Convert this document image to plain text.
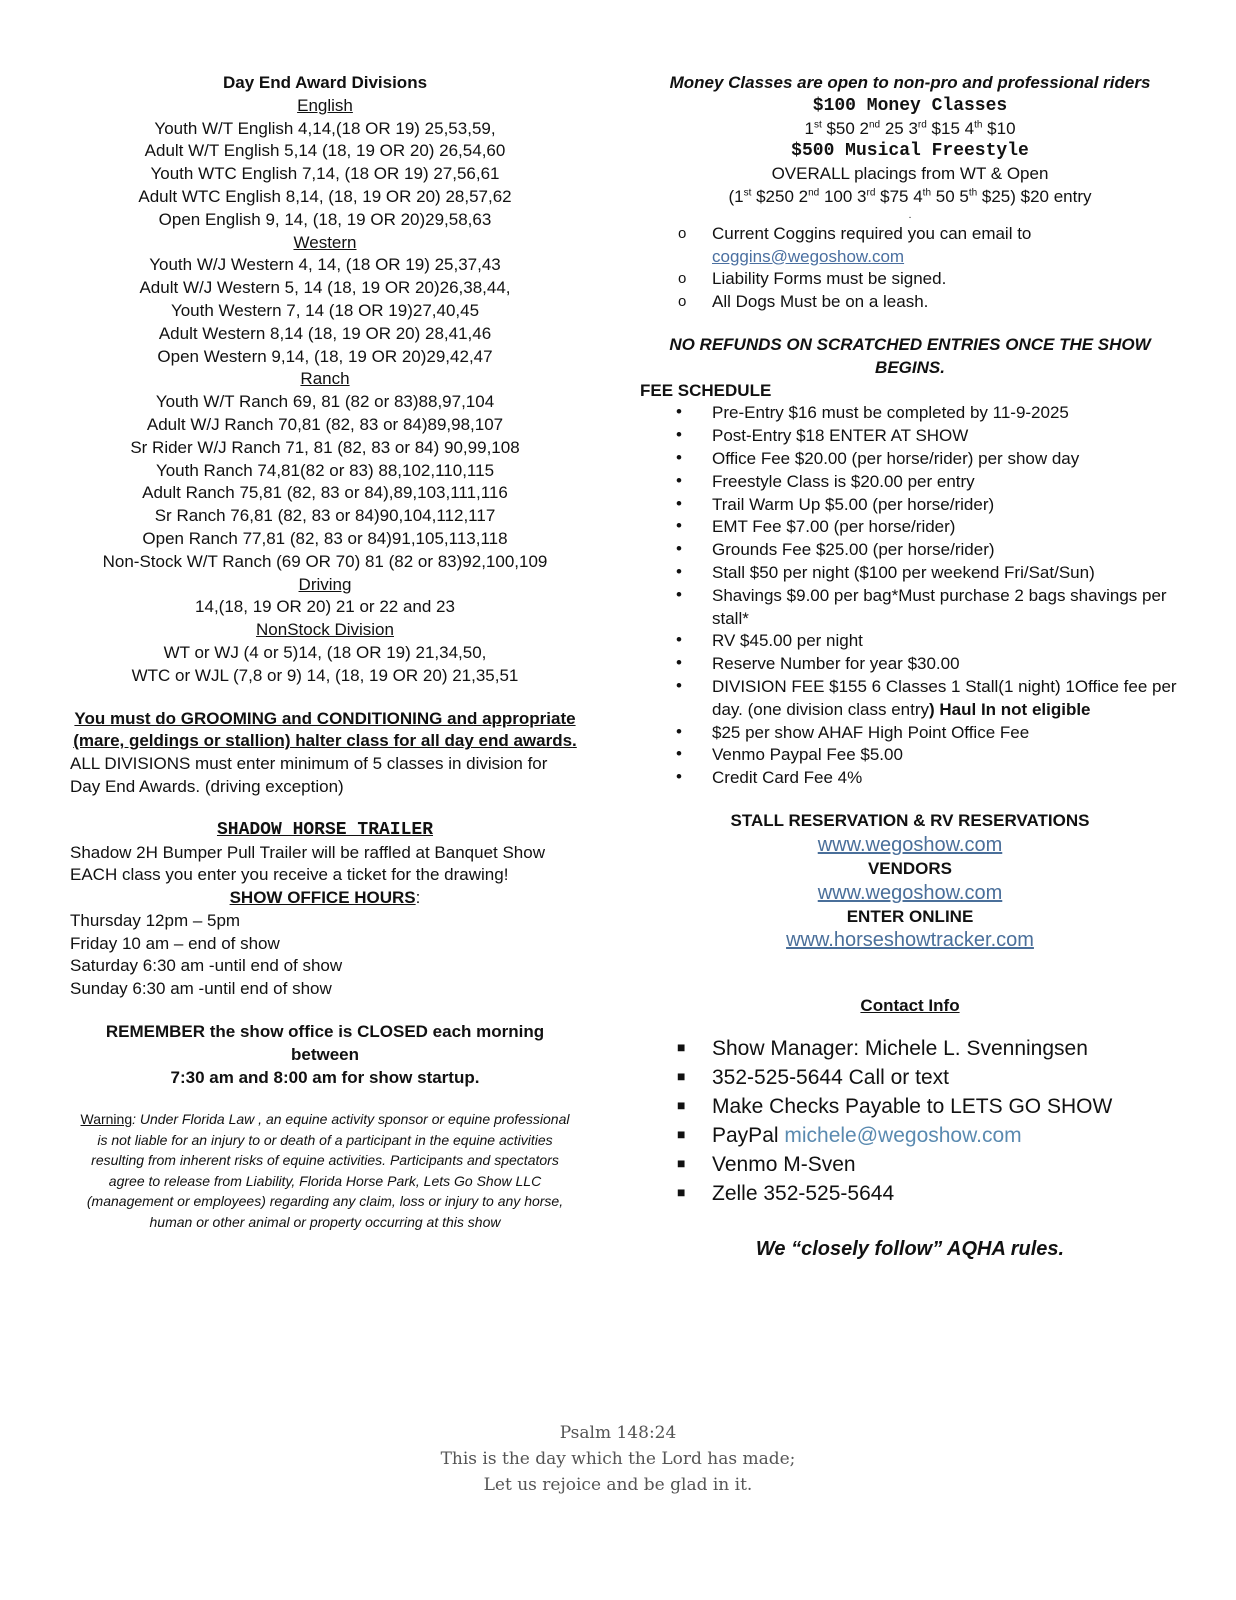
Day End Award Divisions
English
Youth W/T English 4,14,(18 OR 19) 25,53,59,
Adult W/T English 5,14 (18, 19 OR 20) 26,54,60
Youth WTC English 7,14, (18 OR 19) 27,56,61
Adult WTC English 8,14, (18, 19 OR 20) 28,57,62
Open English 9, 14, (18, 19 OR 20)29,58,63
Western
Youth W/J Western 4, 14, (18 OR 19) 25,37,43
Adult W/J Western 5, 14 (18, 19 OR 20)26,38,44,
Youth Western 7, 14 (18 OR 19)27,40,45
Adult Western 8,14 (18, 19 OR 20) 28,41,46
Open Western 9,14, (18, 19 OR 20)29,42,47
Ranch
Youth W/T Ranch 69, 81 (82 or 83)88,97,104
Adult W/J Ranch 70,81 (82, 83 or 84)89,98,107
Sr Rider W/J Ranch 71, 81 (82, 83 or 84) 90,99,108
Youth Ranch 74,81(82 or 83) 88,102,110,115
Adult Ranch 75,81 (82, 83 or 84),89,103,111,116
Sr Ranch 76,81 (82, 83 or 84)90,104,112,117
Open Ranch 77,81 (82, 83 or 84)91,105,113,118
Non-Stock W/T Ranch (69 OR 70) 81 (82 or 83)92,100,109
Driving
14,(18, 19 OR 20) 21 or 22 and 23
NonStock Division
WT or WJ (4 or 5)14, (18 OR 19) 21,34,50,
WTC or WJL (7,8 or 9) 14, (18, 19 OR 20) 21,35,51
You must do GROOMING and CONDITIONING and appropriate
(mare, geldings or stallion) halter class for all day end awards.
ALL DIVISIONS must enter minimum of 5 classes in division for Day End Awards. (driving exception)
SHADOW HORSE TRAILER
Shadow 2H Bumper Pull Trailer will be raffled at Banquet Show
EACH class you enter you receive a ticket for the drawing!
SHOW OFFICE HOURS:
Thursday 12pm – 5pm
Friday 10 am – end of show
Saturday 6:30 am -until end of show
Sunday 6:30 am -until end of show
REMEMBER the show office is CLOSED each morning between
7:30 am and 8:00 am for show startup.
Warning: Under Florida Law , an equine activity sponsor or equine professional is not liable for an injury to or death of a participant in the equine activities resulting from inherent risks of equine activities. Participants and spectators agree to release from Liability, Florida Horse Park, Lets Go Show LLC (management or employees) regarding any claim, loss or injury to any horse, human or other animal or property occurring at this show
Money Classes are open to non-pro and professional riders
$100 Money Classes
1st $50 2nd 25 3rd $15 4th $10
$500 Musical Freestyle
OVERALL placings from WT & Open
(1st $250 2nd 100 3rd $75 4th 50 5th $25) $20 entry
.
o Current Coggins required you can email to
coggins@wegoshow.com
o Liability Forms must be signed.
o All Dogs Must be on a leash.
NO REFUNDS ON SCRATCHED ENTRIES ONCE THE SHOW
BEGINS.
FEE SCHEDULE
• Pre-Entry $16 must be completed by 11-9-2025
• Post-Entry $18 ENTER AT SHOW
• Office Fee $20.00 (per horse/rider) per show day
• Freestyle Class is $20.00 per entry
• Trail Warm Up $5.00 (per horse/rider)
• EMT Fee $7.00 (per horse/rider)
• Grounds Fee $25.00 (per horse/rider)
• Stall $50 per night ($100 per weekend Fri/Sat/Sun)
• Shavings $9.00 per bag*Must purchase 2 bags shavings per stall*
• RV $45.00 per night
• Reserve Number for year $30.00
• DIVISION FEE $155 6 Classes 1 Stall(1 night) 1Office fee per day. (one division class entry) Haul In not eligible
• $25 per show AHAF High Point Office Fee
• Venmo Paypal Fee $5.00
• Credit Card Fee 4%
STALL RESERVATION & RV RESERVATIONS
www.wegoshow.com
VENDORS
www.wegoshow.com
ENTER ONLINE
www.horseshowtracker.com
Contact Info
■ Show Manager: Michele L. Svenningsen
■ 352-525-5644 Call or text
■ Make Checks Payable to LETS GO SHOW
■ PayPal michele@wegoshow.com
■ Venmo M-Sven
■ Zelle 352-525-5644
We “closely follow” AQHA rules.
Psalm 148:24
This is the day which the Lord has made;
Let us rejoice and be glad in it.
